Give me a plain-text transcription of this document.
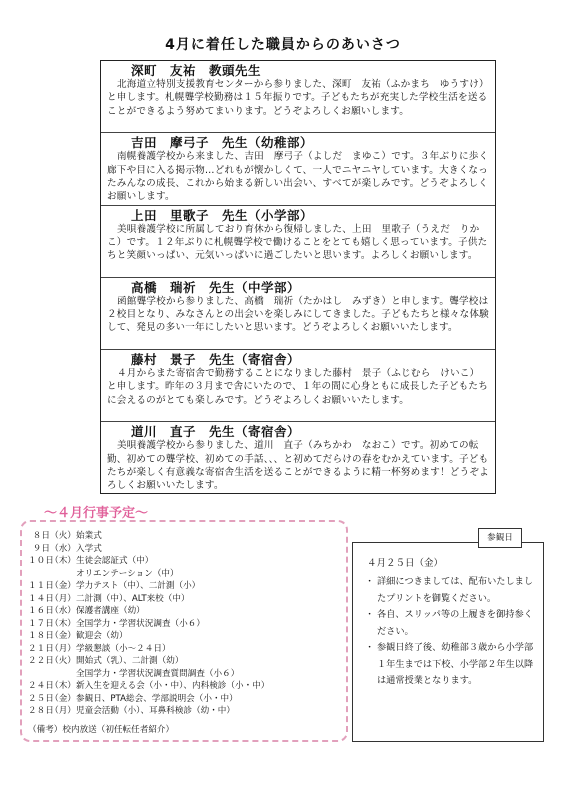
4月に着任した職員からのあいさつ
深町　友祐　教頭先生
北海道立特別支援教育センターから参りました、深町　友祐（ふかまち　ゆうすけ）と申します。札幌聾学校勤務は１５年振りです。子どもたちが充実した学校生活を送ることができるよう努めてまいります。どうぞよろしくお願いします。
吉田　摩弓子　先生（幼稚部）
南幌養護学校から来ました、吉田　摩弓子（よしだ　まゆこ）です。３年ぶりに歩く廊下や目に入る掲示物…どれもが懐かしくて、一人でニヤニヤしています。大きくなったみんなの成長、これから始まる新しい出会い、すべてが楽しみです。どうぞよろしくお願いします。
上田　里歌子　先生（小学部）
美唄養護学校に所属しており育休から復帰しました、上田　里歌子（うえだ　りかこ）です。１２年ぶりに札幌聾学校で働けることをとても嬉しく思っています。子供たちと笑顔いっぱい、元気いっぱいに過ごしたいと思います。よろしくお願いします。
高橋　瑞祈　先生（中学部）
函館聾学校から参りました、高橋　瑞祈（たかはし　みずき）と申します。聾学校は２校目となり、みなさんとの出会いを楽しみにしてきました。子どもたちと様々な体験して、発見の多い一年にしたいと思います。どうぞよろしくお願いいたします。
藤村　景子　先生（寄宿舎）
４月からまた寄宿舎で勤務することになりました藤村　景子（ふじむら　けいこ）と申します。昨年の３月まで舎にいたので、１年の間に心身ともに成長した子どもたちに会えるのがとても楽しみです。どうぞよろしくお願いいたします。
道川　直子　先生（寄宿舎）
美唄養護学校から参りました、道川　直子（みちかわ　なおこ）です。初めての転勤、初めての聾学校、初めての手話、、、と初めてだらけの春をむかえています。子どもたちが楽しく有意義な寄宿舎生活を送ることができるように精一杯努めます！どうぞよろしくお願いいたします。
～４月行事予定～
８日 （火） 始業式
９日 （水） 入学式
１０日
（木） 生徒会認証式（中）
オリエンテーション（中）
１１日
（金） 学力テスト（中）、二計測（小）
１４日
（月） 二計測（中）、ALT来校（中）
１６日
（水） 保護者講座（幼）
１７日
（木） 全国学力・学習状況調査（小６）
１８日
（金） 歓迎会（幼）
２１日
（月） 学級懇談（小～２４日）
２２日
（火） 開始式（乳）、二計測（幼）
全国学力・学習状況調査質問調査（小６）
２４日
（木） 新入生を迎える会（小・中）、内科検診（小・中）
２５日
（金） 参観日、PTA総会、学部説明会（小・中）
２８日
（月） 児童会活動（小）、耳鼻科検診（幼・中）
（備考）校内放送（初任転任者紹介）
４月２５日（金）
・ 詳細につきましては、配布いたしましたプリントを御覧ください。
・ 各自、スリッパ等の上履きを御持参ください。
・ 参観日終了後、幼稚部３歳から小学部１年生までは下校、小学部２年生以降は通常授業となります。
参観日
